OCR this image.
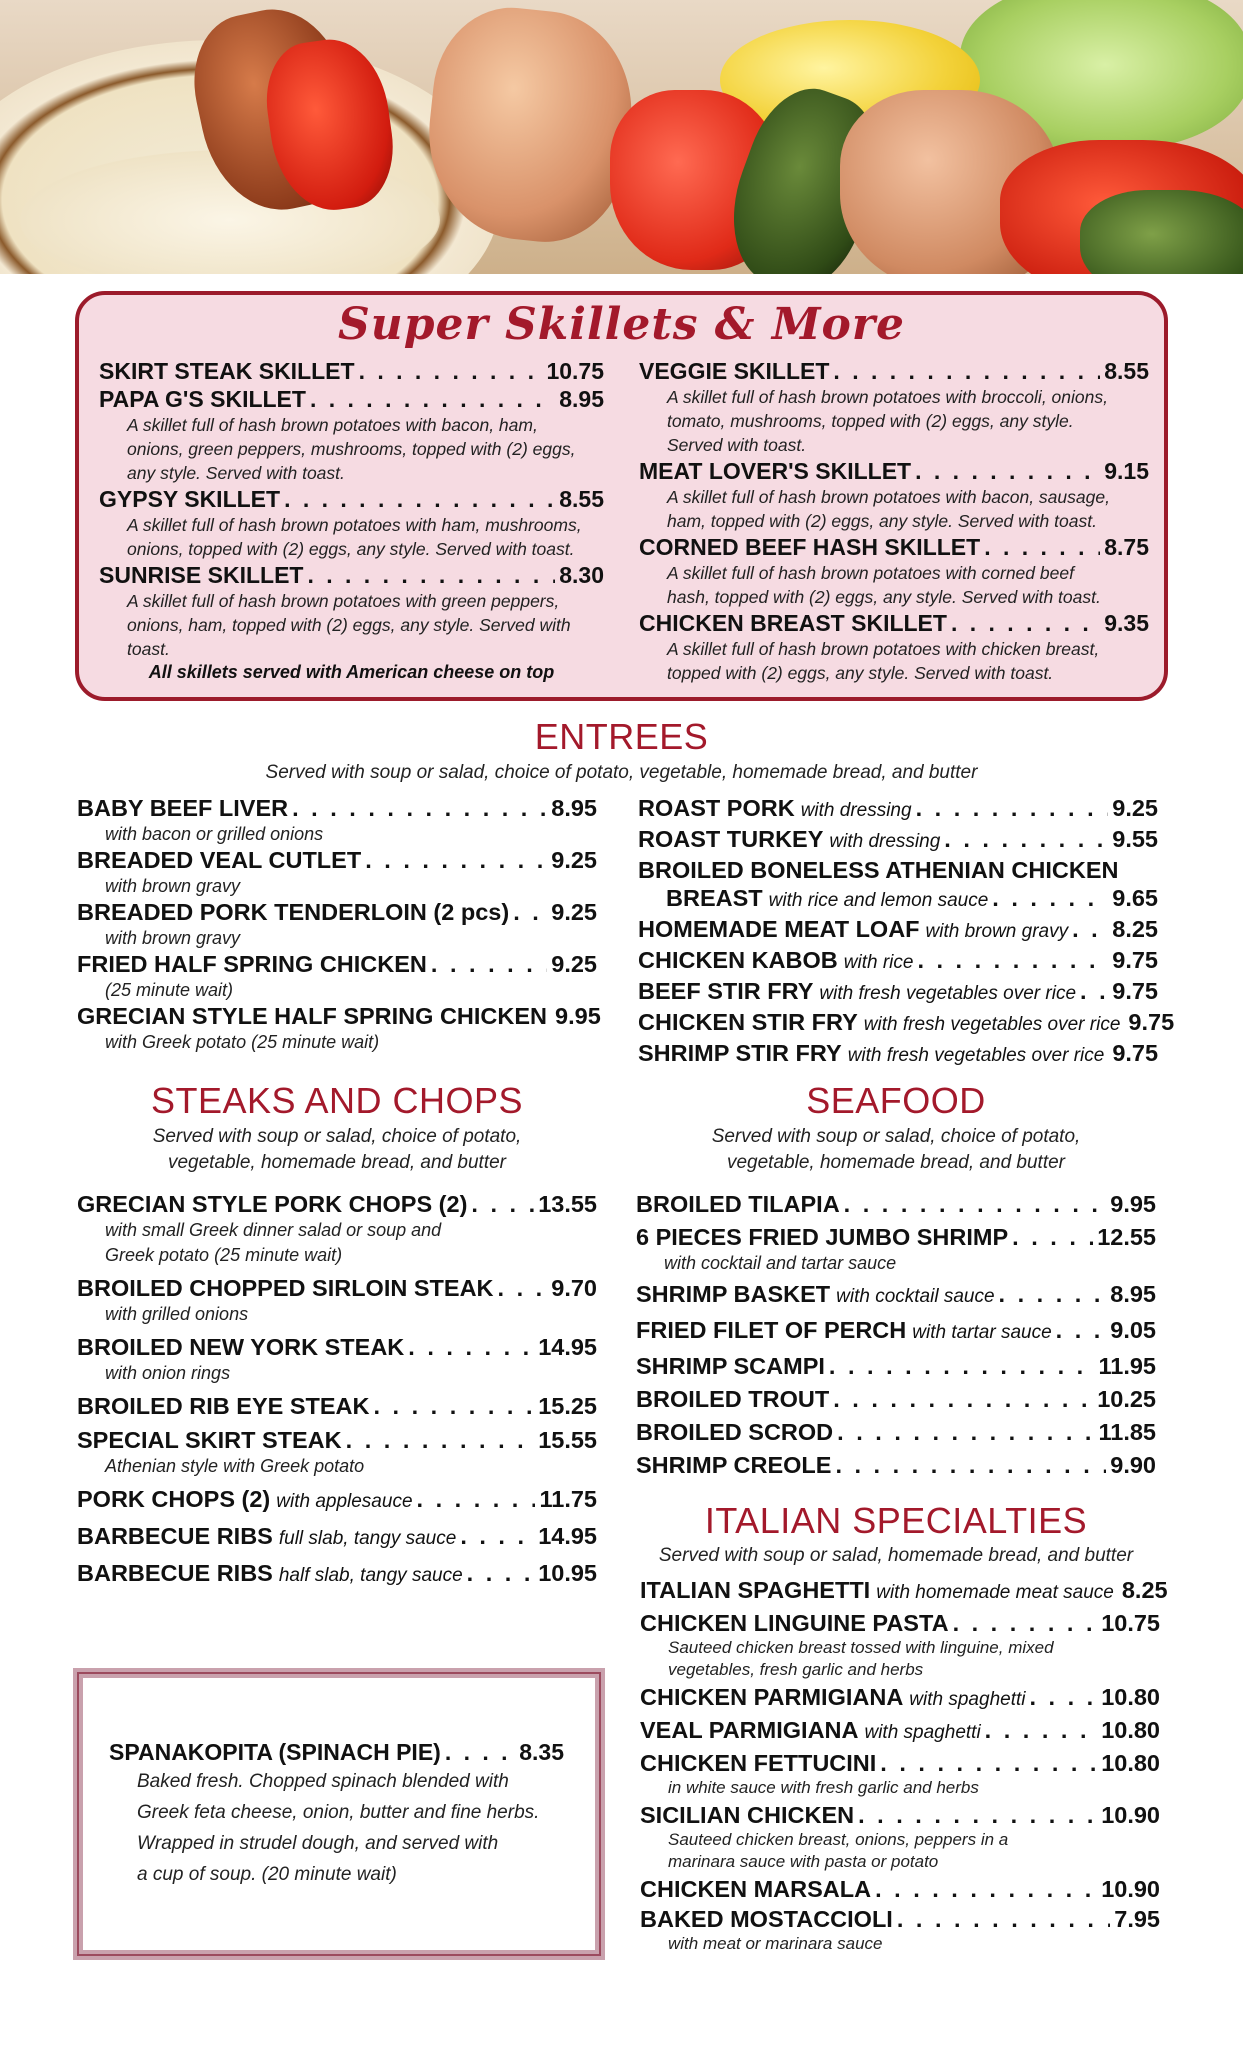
Super Skillets & More
SKIRT STEAK SKILLET . . .	10.75
PAPA G'S SKILLET . . .	8.95
A skillet full of hash brown potatoes with bacon, ham,
onions, green peppers, mushrooms, topped with (2) eggs,
any style. Served with toast.
GYPSY SKILLET . . .	8.55
A skillet full of hash brown potatoes with ham, mushrooms,
onions, topped with (2) eggs, any style. Served with toast.
SUNRISE SKILLET . . .	8.30
A skillet full of hash brown potatoes with green peppers,
onions, ham, topped with (2) eggs, any style. Served with toast.
VEGGIE SKILLET . . .	8.55
A skillet full of hash brown potatoes with broccoli, onions,
tomato, mushrooms, topped with (2) eggs, any style.
Served with toast.
MEAT LOVER'S SKILLET . . .	9.15
A skillet full of hash brown potatoes with bacon, sausage,
ham, topped with (2) eggs, any style. Served with toast.
CORNED BEEF HASH SKILLET . . .	8.75
A skillet full of hash brown potatoes with corned beef
hash, topped with (2) eggs, any style. Served with toast.
CHICKEN BREAST SKILLET . . .	9.35
A skillet full of hash brown potatoes with chicken breast,
topped with (2) eggs, any style. Served with toast.
All skillets served with American cheese on top
ENTREES
Served with soup or salad, choice of potato, vegetable, homemade bread, and butter
BABY BEEF LIVER . . .	8.95
with bacon or grilled onions
BREADED VEAL CUTLET . . .	9.25
with brown gravy
BREADED PORK TENDERLOIN (2 pcs) . . . 9.25
with brown gravy
FRIED HALF SPRING CHICKEN . . .	9.25
(25 minute wait)
GRECIAN STYLE HALF SPRING CHICKEN 9.95
with Greek potato (25 minute wait)
ROAST PORK with dressing . . .	9.25
ROAST TURKEY with dressing . . .	9.55
BROILED BONELESS ATHENIAN CHICKEN
BREAST with rice and lemon sauce . . .	9.65
HOMEMADE MEAT LOAF with brown gravy . . . 8.25
CHICKEN KABOB with rice . . .	9.75
BEEF STIR FRY with fresh vegetables over rice . . . 9.75
CHICKEN STIR FRY with fresh vegetables over rice 9.75
SHRIMP STIR FRY with fresh vegetables over rice 9.75
STEAKS AND CHOPS
Served with soup or salad, choice of potato,
vegetable, homemade bread, and butter
GRECIAN STYLE PORK CHOPS (2) . . .	13.55
with small Greek dinner salad or soup and
Greek potato (25 minute wait)
BROILED CHOPPED SIRLOIN STEAK . . . 9.70
with grilled onions
BROILED NEW YORK STEAK . . .	14.95
with onion rings
BROILED RIB EYE STEAK . . .	15.25
SPECIAL SKIRT STEAK . . .	15.55
Athenian style with Greek potato
PORK CHOPS (2) with applesauce . . .	11.75
BARBECUE RIBS full slab, tangy sauce . . .	14.95
BARBECUE RIBS half slab, tangy sauce . . .	10.95
SEAFOOD
Served with soup or salad, choice of potato,
vegetable, homemade bread, and butter
BROILED TILAPIA . . .	9.95
6 PIECES FRIED JUMBO SHRIMP . . .	12.55
with cocktail and tartar sauce
SHRIMP BASKET with cocktail sauce . . .	8.95
FRIED FILET OF PERCH with tartar sauce . . . 9.05
SHRIMP SCAMPI . . .	11.95
BROILED TROUT . . .	10.25
BROILED SCROD . . .	11.85
SHRIMP CREOLE . . .	9.90
ITALIAN SPECIALTIES
Served with soup or salad, homemade bread, and butter
ITALIAN SPAGHETTI with homemade meat sauce 8.25
CHICKEN LINGUINE PASTA . . .	10.75
Sauteed chicken breast tossed with linguine, mixed
vegetables, fresh garlic and herbs
CHICKEN PARMIGIANA with spaghetti . . .	10.80
VEAL PARMIGIANA with spaghetti . . .	10.80
CHICKEN FETTUCINI . . .	10.80
in white sauce with fresh garlic and herbs
SICILIAN CHICKEN . . .	10.90
Sauteed chicken breast, onions, peppers in a
marinara sauce with pasta or potato
CHICKEN MARSALA . . .	10.90
BAKED MOSTACCIOLI . . .	7.95
with meat or marinara sauce
SPANAKOPITA (SPINACH PIE) . . .	8.35
Baked fresh. Chopped spinach blended with
Greek feta cheese, onion, butter and fine herbs.
Wrapped in strudel dough, and served with
a cup of soup. (20 minute wait)
